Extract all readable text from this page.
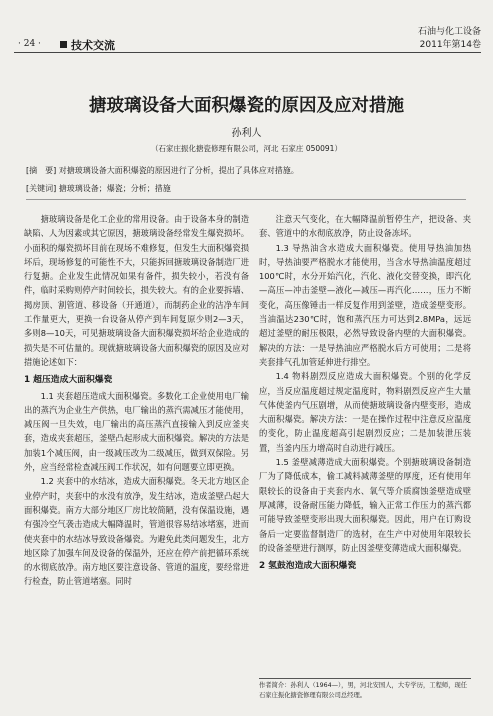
· 24 ·	技术交流
石油与化工设备
2011年第14卷
搪玻璃设备大面积爆瓷的原因及应对措施
孙利人
（石家庄振化搪瓷修理有限公司，河北 石家庄 050091）
[摘　要] 对搪玻璃设备大面积爆瓷的原因进行了分析，提出了具体应对措施。
[关键词] 搪玻璃设备；爆瓷；分析；措施

搪玻璃设备是化工企业的常用设备。由于设备本身的制造缺陷、人为因素或其它原因，搪玻璃设备经常发生爆瓷损坏。小面积的爆瓷损坏目前在现场不难修复，但发生大面积爆瓷损坏后，现场修复的可能性不大，只能拆回搪玻璃设备制造厂进行复搪。企业发生此情况如果有备件，损失较小，若没有备件，临时采购则停产时间较长，损失较大。有的企业要拆墙、揭房顶、割管道、移设备（开通道），而制药企业的洁净车间工作量更大，更换一台设备从停产到车间复原少则2—3天，多则8—10天，可见搪玻璃设备大面积爆瓷损坏给企业造成的损失是不可估量的。现就搪玻璃设备大面积爆瓷的原因及应对措施论述如下：

1 超压造成大面积爆瓷

1.1 夹套超压造成大面积爆瓷。多数化工企业使用电厂输出的蒸汽为企业生产供热，电厂输出的蒸汽需减压才能使用，减压阀一旦失效，电厂输出的高压蒸汽直接输入到反应釜夹套，造成夹套超压，釜壁凸起形成大面积爆瓷。解决的方法是加装1个减压阀，由一级减压改为二级减压，做到双保险。另外，应当经常检查减压阀工作状况，如有问题要立即更换。

1.2 夹套中的水结冰，造成大面积爆瓷。冬天北方地区企业停产时，夹套中的水没有放净，发生结冰，造成釜壁凸起大面积爆瓷。南方大部分地区厂房比较简陋，没有保温设施，遇有强冷空气袭击造成大幅降温时，管道很容易结冰堵塞，进而使夹套中的水结冰导致设备爆瓷。为避免此类问题发生，北方地区除了加强车间及设备的保温外，还应在停产前把循环系统的水彻底放净。南方地区要注意设备、管道的温度，要经常进行检查，防止管道堵塞。同时

注意天气变化，在大幅降温前暂停生产，把设备、夹套、管道中的水彻底放净，防止设备冻坏。

1.3 导热油含水造成大面积爆瓷。使用导热油加热时，导热油要严格脱水才能使用，当含水导热油温度超过100℃时，水分开始汽化，汽化、液化交替变换，即汽化—高压—冲击釜壁—液化—减压—再汽化……，压力不断变化，高压像锤击一样反复作用到釜壁，造成釜壁变形。当油温达230℃时，饱和蒸汽压力可达到2.8MPa，远远超过釜壁的耐压极限，必然导致设备内壁的大面积爆瓷。解决的方法：一是导热油应严格脱水后方可使用；二是将夹套排气孔加管延伸进行排空。

1.4 物料剧烈反应造成大面积爆瓷。个别的化学反应，当反应温度超过规定温度时，物料剧烈反应产生大量气体使釜内气压剧增，从而使搪玻璃设备内壁变形，造成大面积爆瓷。解决方法：一是在操作过程中注意反应温度的变化，防止温度超高引起剧烈反应；二是加装泄压装置，当釜内压力增高时自动进行减压。

1.5 釜壁减薄造成大面积爆瓷。个别搪玻璃设备制造厂为了降低成本，偷工减料减薄釜壁的厚度，还有使用年限较长的设备由于夹套内水、氧气等介质腐蚀釜壁造成壁厚减薄，设备耐压能力降低，输入正常工作压力的蒸汽都可能导致釜壁变形出现大面积爆瓷。因此，用户在订购设备后一定要监督制造厂的选材，在生产中对使用年限较长的设备釜壁进行测厚，防止因釜壁变薄造成大面积爆瓷。

2 氢鼓泡造成大面积爆瓷

作者简介：孙利人（1964—），男，河北安国人，大专学历，工程师，现任石家庄振化搪瓷修理有限公司总经理。
